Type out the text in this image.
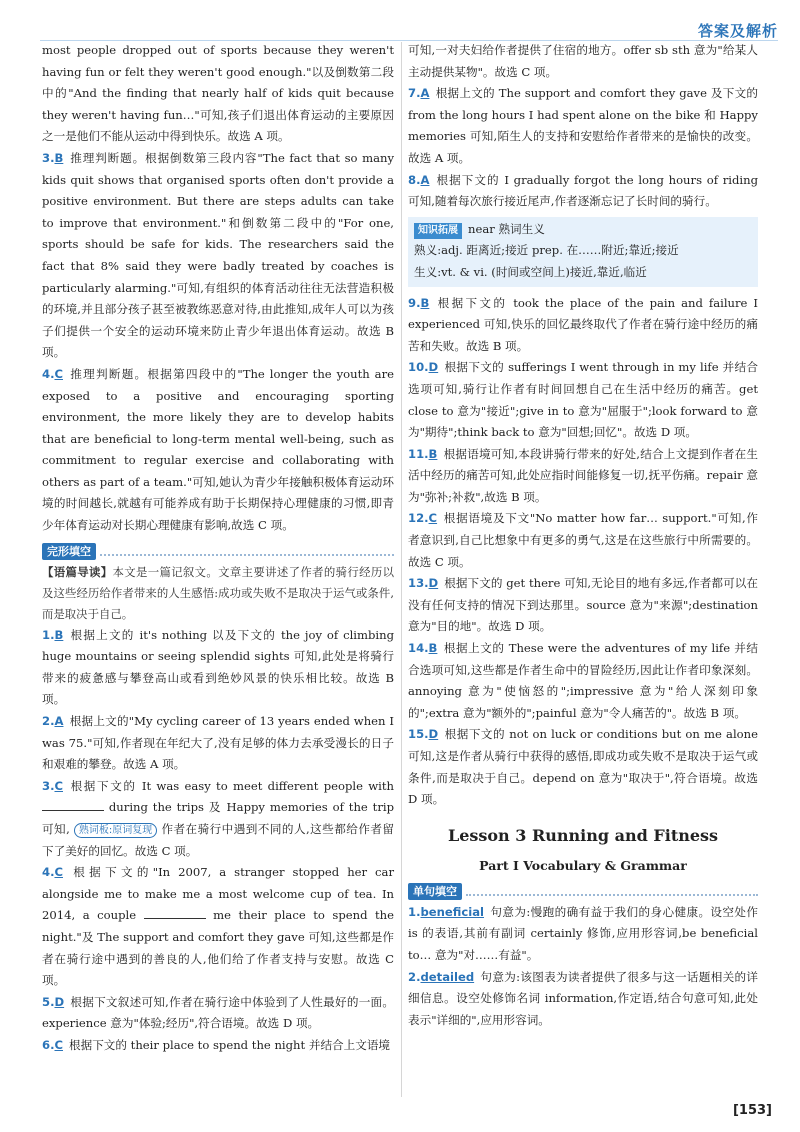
答案及解析

most people dropped out of sports because they weren't having fun or felt they weren't good enough."以及倒数第二段中的"And the finding that nearly half of kids quit because they weren't having fun…"可知,孩子们退出体育运动的主要原因之一是他们不能从运动中得到快乐。故选 A 项。

3.B 推理判断题。根据倒数第三段内容"The fact that so many kids quit shows that organised sports often don't provide a positive environment. But there are steps adults can take to improve that environment."和倒数第二段中的"For one, sports should be safe for kids. The researchers said the fact that 8% said they were badly treated by coaches is particularly alarming."可知,有组织的体育活动往往无法营造积极的环境,并且部分孩子甚至被教练恶意对待,由此推知,成年人可以为孩子们提供一个安全的运动环境来防止青少年退出体育运动。故选 B 项。

4.C 推理判断题。根据第四段中的"The longer the youth are exposed to a positive and encouraging sporting environment, the more likely they are to develop habits that are beneficial to long-term mental well-being, such as commitment to regular exercise and collaborating with others as part of a team."可知,她认为青少年接触积极体育运动环境的时间越长,就越有可能养成有助于长期保持心理健康的习惯,即青少年体育运动对长期心理健康有影响,故选 C 项。

完形填空

【语篇导读】本文是一篇记叙文。文章主要讲述了作者的骑行经历以及这些经历给作者带来的人生感悟:成功或失败不是取决于运气或条件,而是取决于自己。

1.B 根据上文的 it's nothing 以及下文的 the joy of climbing huge mountains or seeing splendid sights 可知,此处是将骑行带来的疲惫感与攀登高山或看到绝妙风景的快乐相比较。故选 B 项。

2.A 根据上文的"My cycling career of 13 years ended when I was 75."可知,作者现在年纪大了,没有足够的体力去承受漫长的日子和艰难的攀登。故选 A 项。

3.C 根据下文的 It was easy to meet different people with  during the trips 及 Happy memories of the trip 可知, 熟词板:原词复现 作者在骑行中遇到不同的人,这些都给作者留下了美好的回忆。故选 C 项。

4.C 根据下文的"In 2007, a stranger stopped her car alongside me to make me a most welcome cup of tea. In 2014, a couple	me their place to spend the night."及 The support and comfort they gave 可知,这些都是作者在骑行途中遇到的善良的人,他们给了作者支持与安慰。故选 C 项。

5.D 根据下文叙述可知,作者在骑行途中体验到了人性最好的一面。experience 意为"体验;经历",符合语境。故选 D 项。

6.C 根据下文的 their place to spend the night 并结合上文语境

可知,一对夫妇给作者提供了住宿的地方。offer sb sth 意为"给某人主动提供某物"。故选 C 项。

7.A 根据上文的 The support and comfort they gave 及下文的 from the long hours I had spent alone on the bike 和 Happy memories 可知,陌生人的支持和安慰给作者带来的是愉快的改变。故选 A 项。

8.A 根据下文的 I gradually forgot the long hours of riding 可知,随着每次旅行接近尾声,作者逐渐忘记了长时间的骑行。

知识拓展 near 熟词生义

熟义:adj. 距离近;接近 prep. 在……附近;靠近;接近

生义:vt. & vi. (时间或空间上)接近,靠近,临近

9.B 根据下文的 took the place of the pain and failure I experienced 可知,快乐的回忆最终取代了作者在骑行途中经历的痛苦和失败。故选 B 项。

10.D 根据下文的 sufferings I went through in my life 并结合选项可知,骑行让作者有时间回想自己在生活中经历的痛苦。get close to 意为"接近";give in to 意为"屈服于";look forward to 意为"期待";think back to 意为"回想;回忆"。故选 D 项。

11.B 根据语境可知,本段讲骑行带来的好处,结合上文提到作者在生活中经历的痛苦可知,此处应指时间能修复一切,抚平伤痛。repair 意为"弥补;补救",故选 B 项。

12.C 根据语境及下文"No matter how far… support."可知,作者意识到,自己比想象中有更多的勇气,这是在这些旅行中所需要的。故选 C 项。

13.D 根据下文的 get there 可知,无论目的地有多远,作者都可以在没有任何支持的情况下到达那里。source 意为"来源";destination 意为"目的地"。故选 D 项。

14.B 根据上文的 These were the adventures of my life 并结合选项可知,这些都是作者生命中的冒险经历,因此让作者印象深刻。annoying 意为"使恼怒的";impressive 意为"给人深刻印象的";extra 意为"额外的";painful 意为"令人痛苦的"。故选 B 项。

15.D 根据下文的 not on luck or conditions but on me alone 可知,这是作者从骑行中获得的感悟,即成功或失败不是取决于运气或条件,而是取决于自己。depend on 意为"取决于",符合语境。故选 D 项。

Lesson 3 Running and Fitness
Part Ⅰ Vocabulary & Grammar
单句填空

1.beneficial 句意为:慢跑的确有益于我们的身心健康。设空处作 is 的表语,其前有副词 certainly 修饰,应用形容词,be beneficial to… 意为"对……有益"。

2.detailed 句意为:该图表为读者提供了很多与这一话题相关的详细信息。设空处修饰名词 information,作定语,结合句意可知,此处表示"详细的",应用形容词。

[153]
